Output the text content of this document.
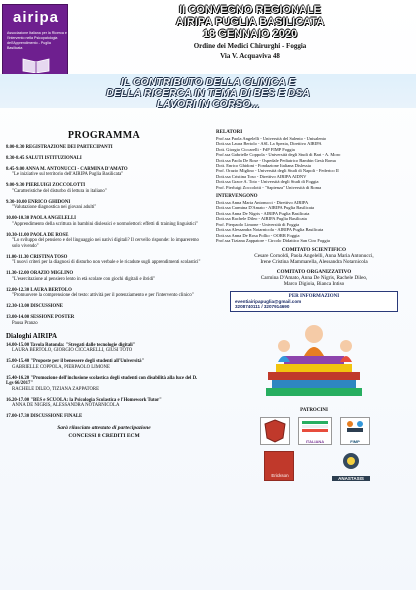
airipa
Associazione Italiana per la Ricerca e l'Intervento nella Psicopatologia dell'Apprendimento - Puglia Basilicata
II CONVEGNO REGIONALE
AIRIPA PUGLIA BASILICATA
18 GENNAIO 2020
Ordine dei Medici Chirurghi - Foggia
Via V. Acquaviva 48
IL CONTRIBUTO DELLA CLINICA E
DELLA RICERCA IN TEMA DI BES E DSA
LAVORI IN CORSO...
PROGRAMMA
8.00-8.30 REGISTRAZIONE DEI PARTECIPANTI
8.30-8.45 SALUTI ISTITUZIONALI
8.45-9.00 ANNA M. ANTONUCCI - CARMINA D'AMATO
"Le iniziative sul territorio dell'AIRIPA Puglia Basilicata"
9.00-9.30 PIERLUIGI ZOCCOLOTTI
"Caratteristiche del disturbo di lettura in italiano"
9.30-10.00 ENRICO GHIDONI
"Valutazione diagnostica nei giovani adulti"
10.00-10.30 PAOLA ANGELELLI
"Apprendimento della scrittura in bambini dislessici e normolettori: effetti di training linguistici"
10.30-11.00 PAOLA DE ROSE
"Lo sviluppo del pensiero e del linguaggio nei nativi digitali? Il cervello risponde: lo impareremo solo vivendo"
11.00-11.30 CRISTINA TOSO
"I nuovi criteri per la diagnosi di disturbo non verbale e le ricadute sugli apprendimenti scolastici"
11.30-12.00 ORAZIO MIGLINO
"L'esercitazione al pensiero lento in età scolare con giochi digitali e ibridi"
12.00-12.30 LAURA BERTOLO
"Promuovere la comprensione del testo: attività per il potenziamento e per l'intervento clinico"
12.30-13.00 DISCUSSIONE
13.00-14.00 SESSIONE POSTER
Pausa Pranzo
Dialoghi AIRIPA
14.00-15.00 Tavola Rotonda: "Stregati dalle tecnologie digitali"
LAURA BERTOLO, GIORGIO CICCARELLI, GIUSI TOTO
15.00-15.40 "Proposte per il benessere degli studenti all'Università"
GABRIELLE COPPOLA, PIERPAOLO LIMONE
15.40-16.20 "Promozione dell'inclusione scolastica degli studenti con disabilità alla luce del D. Lgs 66/2017"
RACHELE DILEO, TIZIANA ZAPPATORE
16.20-17.00 "BES e SCUOLA: la Psicologia Scolastica e l'Homework Tutor"
ANNA DE NIGRIS, ALESSANDRA NOTARNICOLA
17.00-17.30 DISCUSSIONE FINALE
Sarà rilasciato attestato di partecipazione
CONCESSI 8 CREDITI ECM
RELATORI
Prof.ssa Paola Angelelli - Università del Salento - Unisalento
Dott.ssa Laura Bertolo - ASL La Spezia, Direttivo AIRIPA
Dott. Giorgio Ciccarelli - FdP FIMP Foggia
Prof.ssa Gabrielle Coppola - Università degli Studi di Bari - A. Moro
Dott.ssa Paola De Rose - Ospedale Pediatrico Bambin Gesù Roma
Dott. Enrico Ghidoni - Fondazione Italiana Dislessia
Prof. Orazio Miglino - Università degli Studi di Napoli - Federico II
Dott.ssa Cristina Toso - Direttivo AIRIPA AIDNV
Dott.ssa Grace A. Toto - Università degli Studi di Foggia
Prof. Pierluigi Zoccolotti - "Sapienza" Università di Roma
INTERVENGONO
Dott.ssa Anna Maria Antonucci - Direttivo AIRIPA
Dott.ssa Carmina D'Amato - AIRIPA Puglia Basilicata
Dott.ssa Anna De Nigris - AIRIPA Puglia Basilicata
Dott.ssa Rachele Dileo - AIRIPA Puglia Basilicata
Prof. Pierpaolo Limone - Università di Foggia
Dott.ssa Alessandra Notarnicola - AIRIPA Puglia Basilicata
Dott.ssa Anna De Rosa Pollio - OORR Foggia
Prof.ssa Tiziana Zappatore - Circolo Didattico San Ciro Foggia
COMITATO SCIENTIFICO
Cesare Cornoldi, Paola Angelelli, Anna Maria Antonucci,
Irene Cristina Mammarella, Alessandra Notarnicola
COMITATO ORGANIZZATIVO
Carmina D'Amato, Anna De Nigris, Rachele Dileo,
Marco Digioia, Bianca Intiso
PER INFORMAZIONI
eventiairipapuglia@gmail.com
3208740111 / 3207914690
PATROCINI
ITALIANA	FIMP
Erickson
ANASTASIS
